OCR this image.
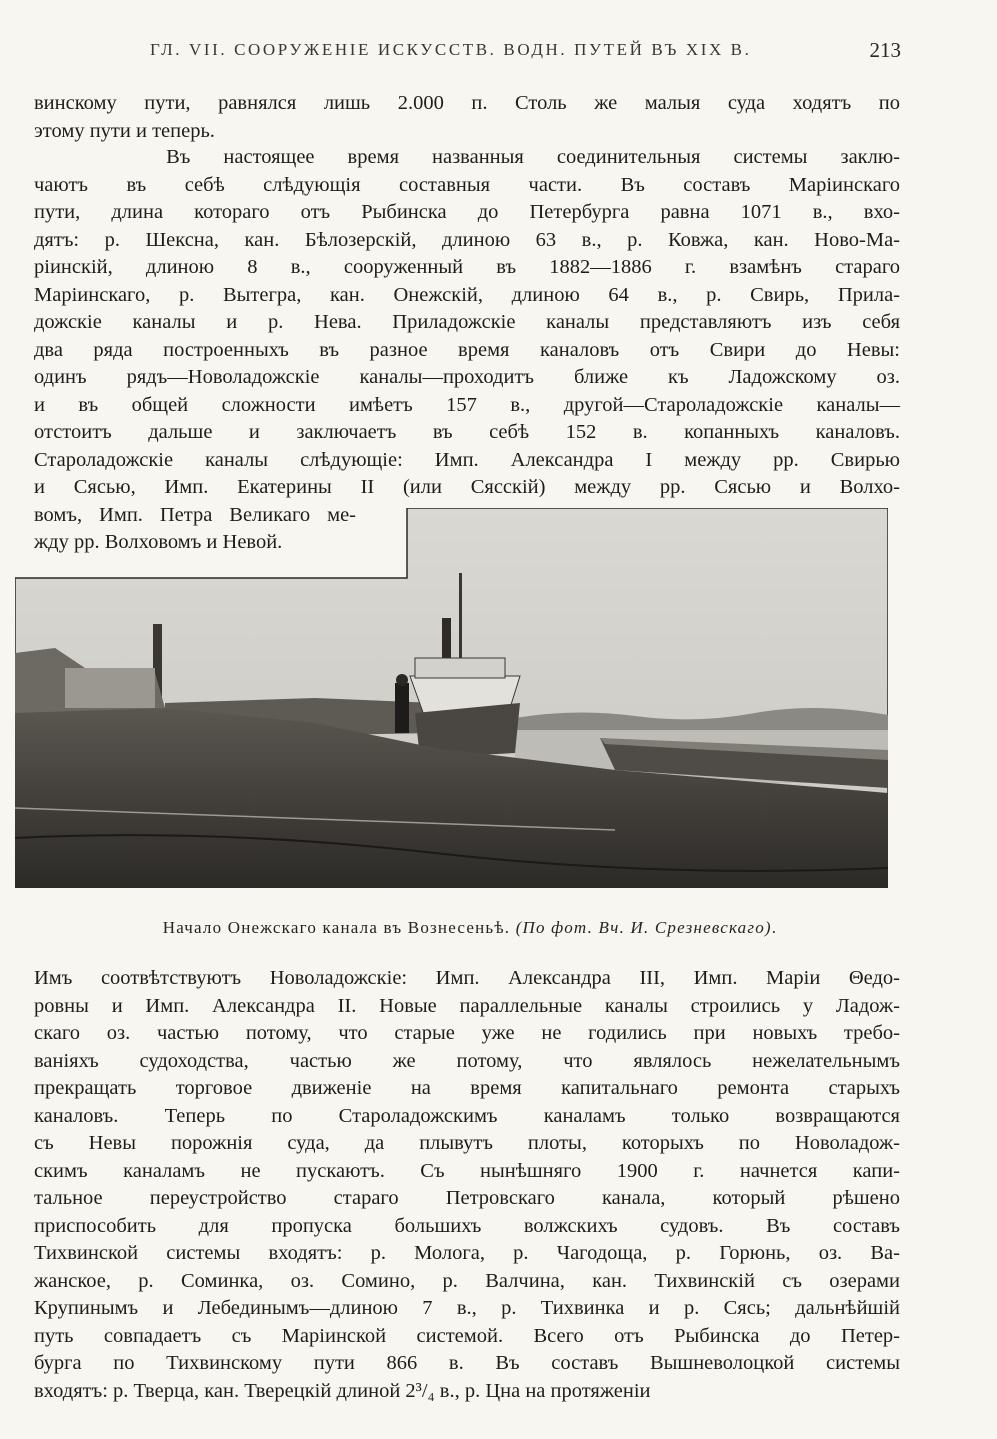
ГЛ. VII. СООРУЖЕНІЕ ИСКУССТВ. ВОДН. ПУТЕЙ ВЪ XIX В.	213

винскому пути, равнялся лишь 2.000 п. Столь же малыя суда ходятъ по
этому пути и теперь.

Въ настоящее время названныя соединительныя системы заклю-
чаютъ въ себѣ слѣдующія составныя части. Въ составъ Маріинскаго
пути, длина котораго отъ Рыбинска до Петербурга равна 1071 в., вхо-
дятъ: р. Шексна, кан. Бѣлозерскій, длиною 63 в., р. Ковжа, кан. Ново-Ма-
ріинскій, длиною 8 в., сооруженный въ 1882—1886 г. взамѣнъ стараго
Маріинскаго, р. Вытегра, кан. Онежскій, длиною 64 в., р. Свирь, Прила-
дожскіе каналы и р. Нева. Приладожскіе каналы представляютъ изъ себя
два ряда построенныхъ въ разное время каналовъ отъ Свири до Невы:
одинъ рядъ—Новоладожскіе каналы—проходитъ ближе къ Ладожскому оз.
и въ общей сложности имѣетъ 157 в., другой—Староладожскіе каналы—
отстоитъ дальше и заключаетъ въ себѣ 152 в. копанныхъ каналовъ.
Староладожскіе каналы слѣдующіе: Имп. Александра I между рр. Свирью
и Сясью, Имп. Екатерины II (или Сясскій) между рр. Сясью и Волхо-
вомъ, Имп. Петра Великаго ме-
жду рр. Волховомъ и Невой.

Начало Онежскаго канала въ Вознесеньѣ. (По фот. Вч. И. Срезневскаго).

Имъ соотвѣтствуютъ Новоладожскіе: Имп. Александра III, Имп. Маріи Θедо-
ровны и Имп. Александра II. Новые параллельные каналы строились у Ладож-
скаго оз. частью потому, что старые уже не годились при новыхъ требо-
ваніяхъ судоходства, частью же потому, что являлось нежелательнымъ
прекращать торговое движеніе на время капитальнаго ремонта старыхъ
каналовъ. Теперь по Староладожскимъ каналамъ только возвращаются
съ Невы порожнія суда, да плывутъ плоты, которыхъ по Новоладож-
скимъ каналамъ не пускаютъ. Съ нынѣшняго 1900 г. начнется капи-
тальное переустройство стараго Петровскаго канала, который рѣшено
приспособить для пропуска большихъ волжскихъ судовъ. Въ составъ
Тихвинской системы входятъ: р. Молога, р. Чагодоща, р. Горюнь, оз. Ва-
жанское, р. Соминка, оз. Сомино, р. Валчина, кан. Тихвинскій съ озерами
Крупинымъ и Лебединымъ—длиною 7 в., р. Тихвинка и р. Сясь; дальнѣйшій
путь совпадаетъ съ Маріинской системой. Всего отъ Рыбинска до Петер-
бурга по Тихвинскому пути 866 в. Въ составъ Вышневолоцкой системы
входятъ: р. Тверца, кан. Тверецкій длиной 2³/₄ в., р. Цна на протяженіи
